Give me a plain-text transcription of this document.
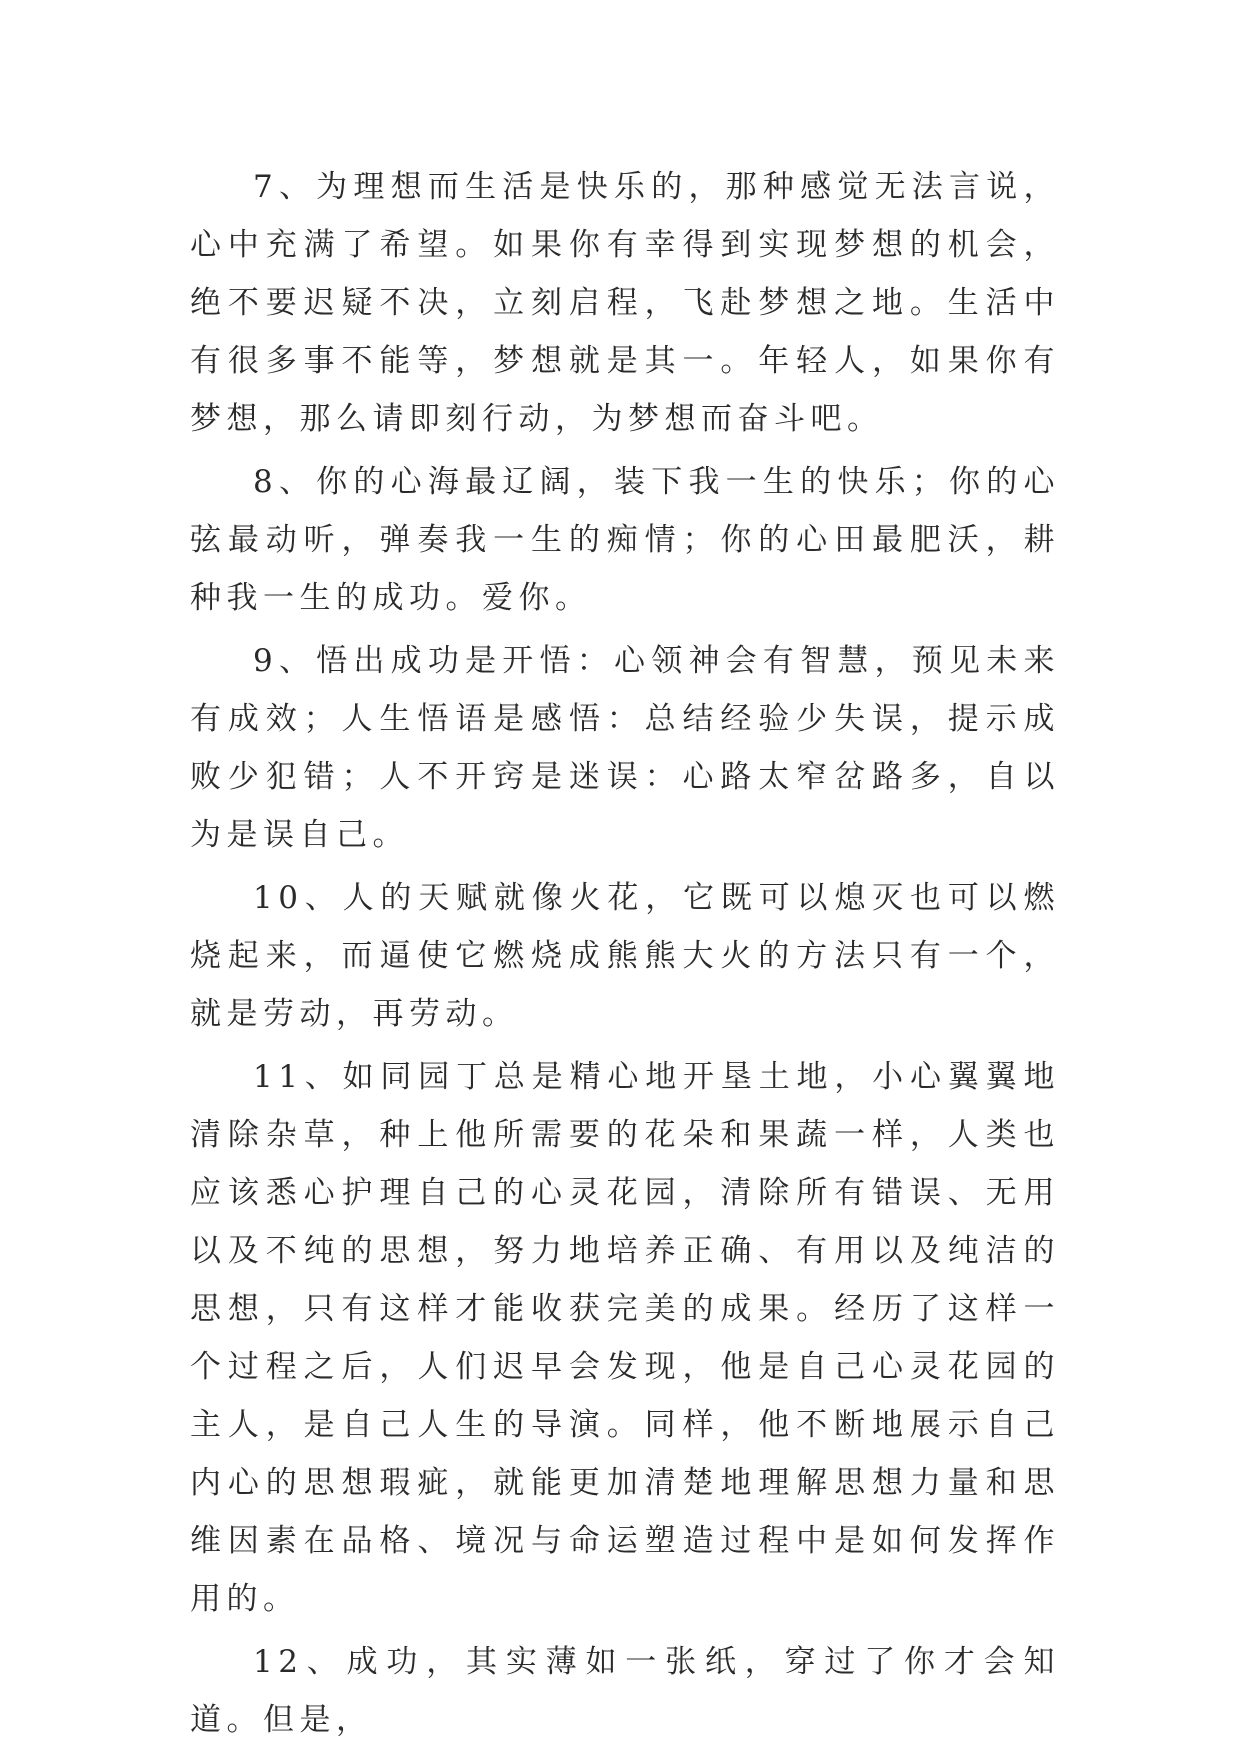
7、为理想而生活是快乐的，那种感觉无法言说，心中充满了希望。如果你有幸得到实现梦想的机会，绝不要迟疑不决，立刻启程，飞赴梦想之地。生活中有很多事不能等，梦想就是其一。年轻人，如果你有梦想，那么请即刻行动，为梦想而奋斗吧。

8、你的心海最辽阔，装下我一生的快乐；你的心弦最动听，弹奏我一生的痴情；你的心田最肥沃，耕种我一生的成功。爱你。

9、悟出成功是开悟：心领神会有智慧，预见未来有成效；人生悟语是感悟：总结经验少失误，提示成败少犯错；人不开窍是迷误：心路太窄岔路多，自以为是误自己。

10、人的天赋就像火花，它既可以熄灭也可以燃烧起来，而逼使它燃烧成熊熊大火的方法只有一个，就是劳动，再劳动。

11、如同园丁总是精心地开垦土地，小心翼翼地清除杂草，种上他所需要的花朵和果蔬一样，人类也应该悉心护理自己的心灵花园，清除所有错误、无用以及不纯的思想，努力地培养正确、有用以及纯洁的思想，只有这样才能收获完美的成果。经历了这样一个过程之后，人们迟早会发现，他是自己心灵花园的主人，是自己人生的导演。同样，他不断地展示自己内心的思想瑕疵，就能更加清楚地理解思想力量和思维因素在品格、境况与命运塑造过程中是如何发挥作用的。

12、成功，其实薄如一张纸，穿过了你才会知道。但是，
